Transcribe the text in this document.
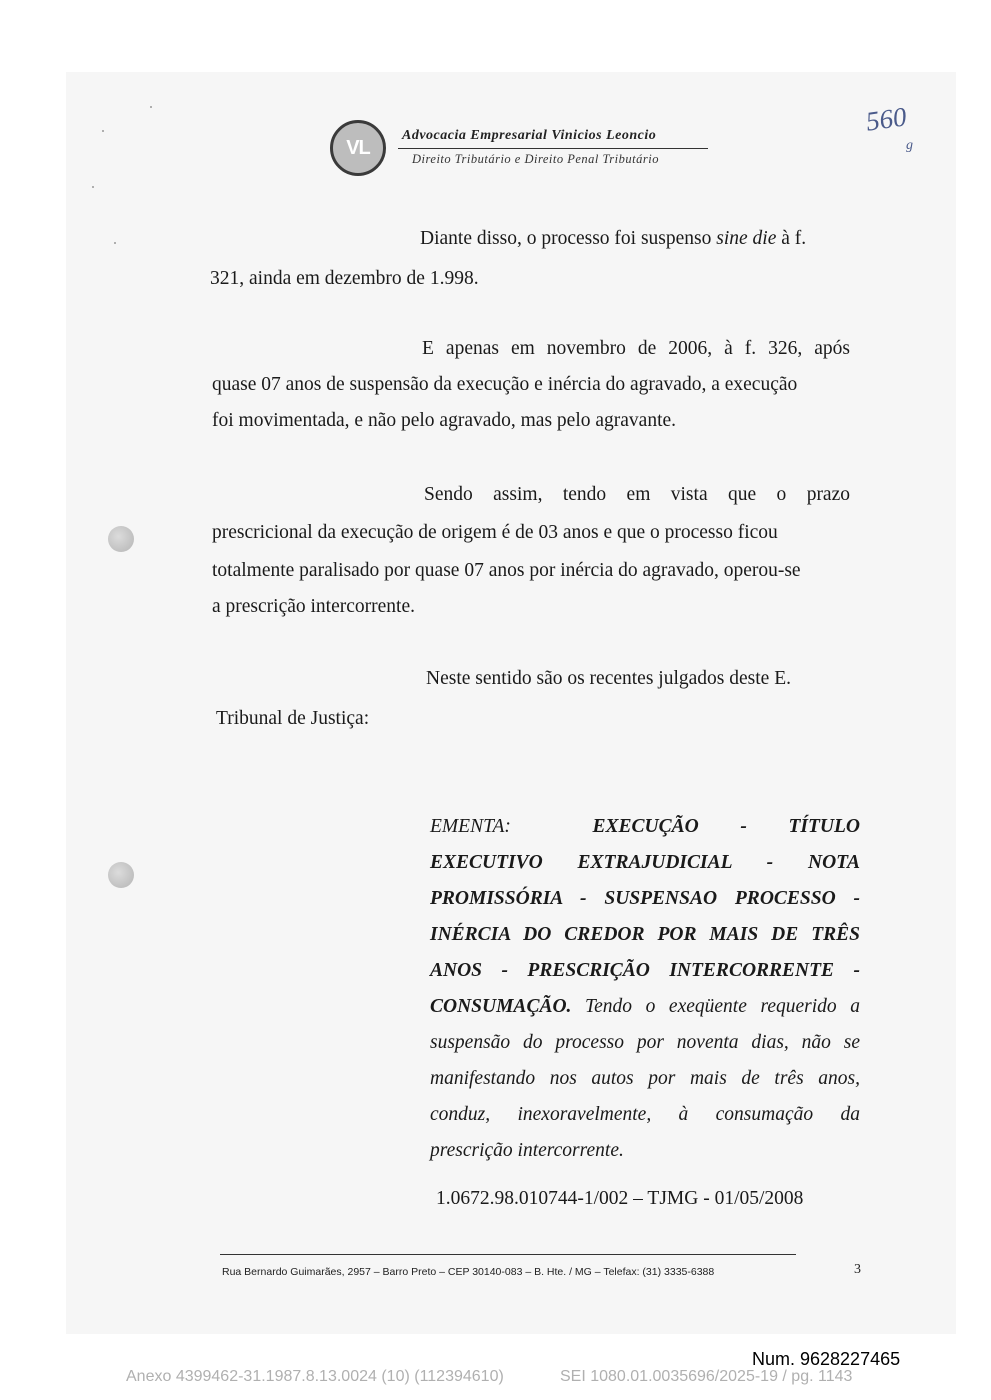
VL
Advocacia Empresarial Vinicios Leoncio
Direito Tributário e Direito Penal Tributário
560
g
Diante disso, o processo foi suspenso sine die à f.
321, ainda em dezembro de 1.998.
E apenas em novembro de 2006, à f. 326, após
quase 07 anos de suspensão da execução e inércia do agravado, a execução
foi movimentada, e não pelo agravado, mas pelo agravante.
Sendo assim, tendo em vista que o prazo
prescricional da execução de origem é de 03 anos e que o processo ficou
totalmente paralisado por quase 07 anos por inércia do agravado, operou-se
a prescrição intercorrente.
Neste sentido são os recentes julgados deste E.
Tribunal de Justiça:
EMENTA:	EXECUÇÃO - TÍTULO
EXECUTIVO EXTRAJUDICIAL - NOTA
PROMISSÓRIA - SUSPENSAO PROCESSO -
INÉRCIA DO CREDOR POR MAIS DE TRÊS
ANOS - PRESCRIÇÃO INTERCORRENTE -
CONSUMAÇÃO. Tendo o exeqüente requerido a
suspensão do processo por noventa dias, não se
manifestando nos autos por mais de três anos,
conduz, inexoravelmente, à consumação da
prescrição intercorrente.
1.0672.98.010744-1/002 – TJMG - 01/05/2008
Rua Bernardo Guimarães, 2957 – Barro Preto – CEP 30140-083 – B. Hte. / MG – Telefax: (31) 3335-6388	3
Num. 9628227465
Anexo 4399462-31.1987.8.13.0024 (10) (112394610)	SEI 1080.01.0035696/2025-19 / pg. 1143
